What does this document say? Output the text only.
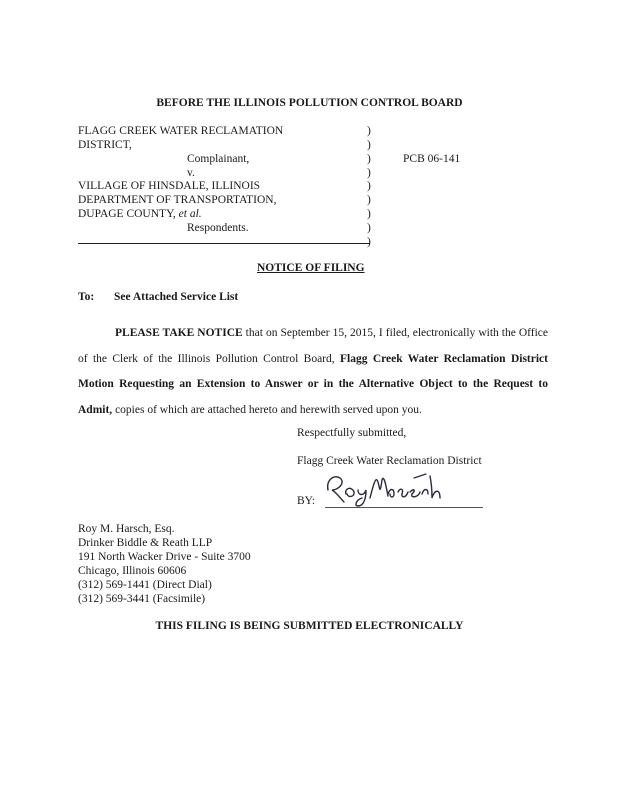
BEFORE THE ILLINOIS POLLUTION CONTROL BOARD
FLAGG CREEK WATER RECLAMATION
DISTRICT,
Complainant,
v.
VILLAGE OF HINSDALE, ILLINOIS
DEPARTMENT OF TRANSPORTATION,
DUPAGE COUNTY, et al.
Respondents.
)
)
)
)
)
)
)
)
)
PCB 06-141
NOTICE OF FILING
To: See Attached Service List
PLEASE TAKE NOTICE that on September 15, 2015, I filed, electronically with the Office of the Clerk of the Illinois Pollution Control Board, Flagg Creek Water Reclamation District Motion Requesting an Extension to Answer or in the Alternative Object to the Request to Admit, copies of which are attached hereto and herewith served upon you.
Respectfully submitted,
Flagg Creek Water Reclamation District
BY:
Roy M. Harsch, Esq.
Drinker Biddle & Reath LLP
191 North Wacker Drive - Suite 3700
Chicago, Illinois 60606
(312) 569-1441 (Direct Dial)
(312) 569-3441 (Facsimile)
THIS FILING IS BEING SUBMITTED ELECTRONICALLY
